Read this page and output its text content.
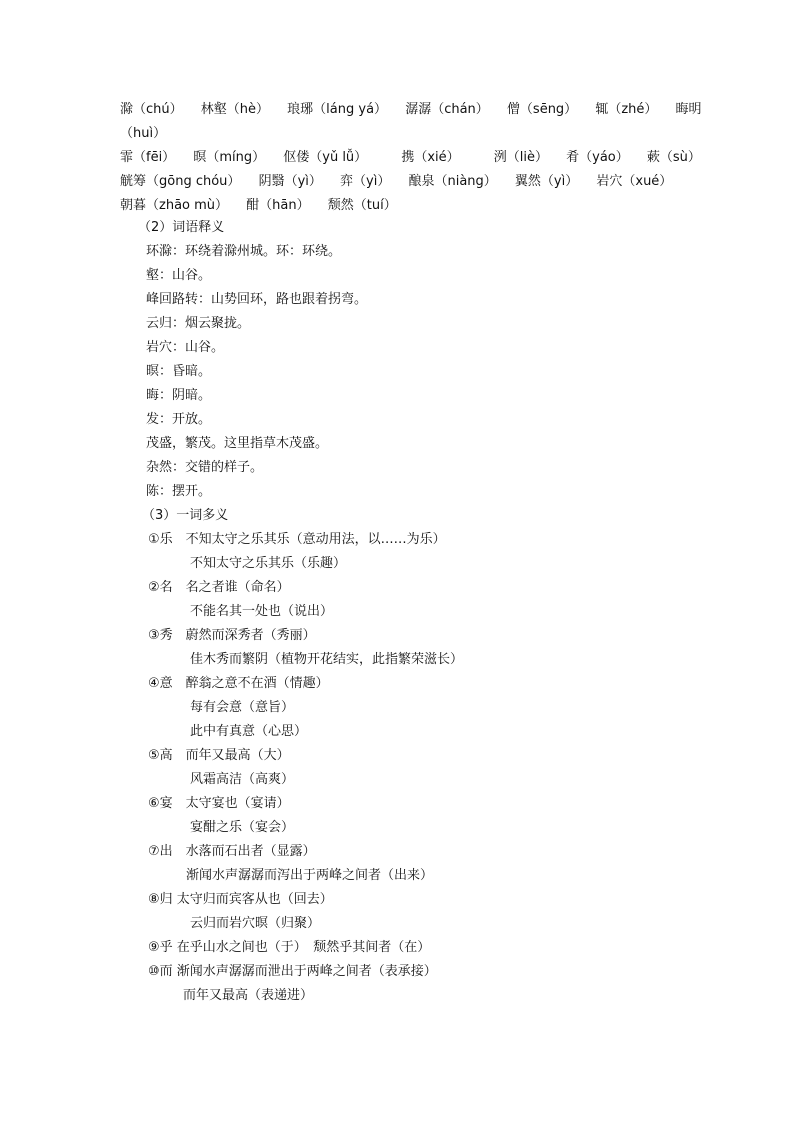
滁（chú） 林壑（hè） 琅琊（láng yá） 潺潺（chán） 僧（sēng） 辄（zhé） 晦明
（huì）
霏（fēi） 暝（míng） 伛偻（yǔ lǚ）	携（xié）	洌（liè） 肴（yáo） 蔌（sù）
觥筹（gōng chóu） 阴翳（yì） 弈（yì） 酿泉（niàng） 翼然（yì） 岩穴（xué）
朝暮（zhāo mù） 酣（hān） 颓然（tuí）
（2）词语释义
环滁：环绕着滁州城。环：环绕。
壑：山谷。
峰回路转：山势回环，路也跟着拐弯。
云归：烟云聚拢。
岩穴：山谷。
暝：昏暗。
晦：阴暗。
发：开放。
茂盛，繁茂。这里指草木茂盛。
杂然：交错的样子。
陈：摆开。
（3）一词多义
①乐　不知太守之乐其乐（意动用法，以……为乐）
不知太守之乐其乐（乐趣）
②名　名之者谁（命名）
不能名其一处也（说出）
③秀　蔚然而深秀者（秀丽）
佳木秀而繁阴（植物开花结实，此指繁荣滋长）
④意　醉翁之意不在酒（情趣）
每有会意（意旨）
此中有真意（心思）
⑤高　而年又最高（大）
风霜高洁（高爽）
⑥宴　太守宴也（宴请）
宴酣之乐（宴会）
⑦出　水落而石出者（显露）
渐闻水声潺潺而泻出于两峰之间者（出来）
⑧归 太守归而宾客从也（回去）
云归而岩穴暝（归聚）
⑨乎 在乎山水之间也（于）　颓然乎其间者（在）
⑩而 渐闻水声潺潺而泄出于两峰之间者（表承接）
而年又最高（表递进）
